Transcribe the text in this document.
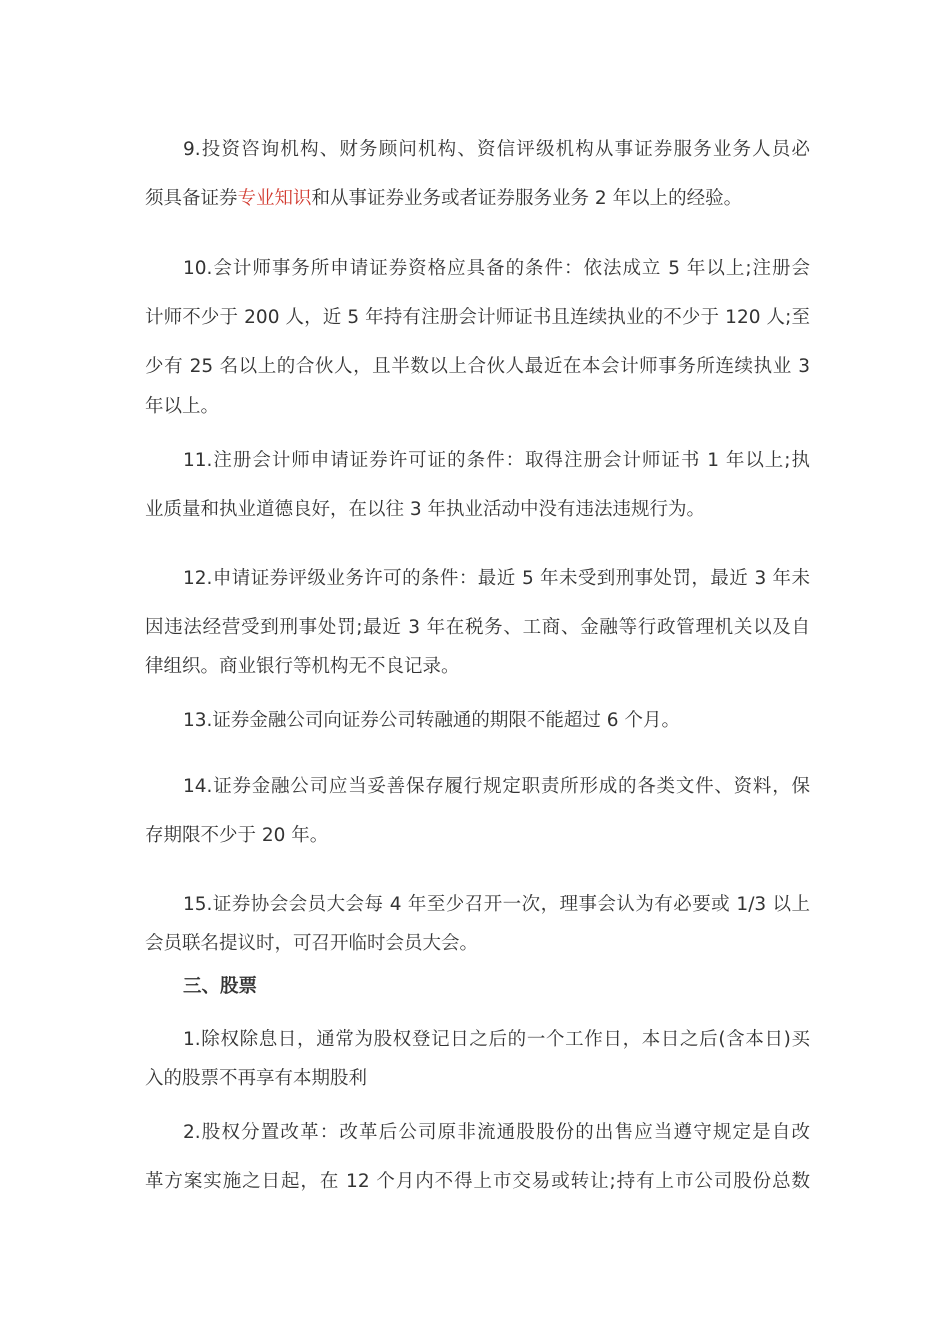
9.投资咨询机构、财务顾问机构、资信评级机构从事证券服务业务人员必
须具备证券专业知识和从事证券业务或者证券服务业务 2 年以上的经验。
10.会计师事务所申请证券资格应具备的条件：依法成立 5 年以上;注册会
计师不少于 200 人，近 5 年持有注册会计师证书且连续执业的不少于 120 人;至
少有 25 名以上的合伙人，且半数以上合伙人最近在本会计师事务所连续执业 3
年以上。
11.注册会计师申请证券许可证的条件：取得注册会计师证书 1 年以上;执
业质量和执业道德良好，在以往 3 年执业活动中没有违法违规行为。
12.申请证券评级业务许可的条件：最近 5 年未受到刑事处罚，最近 3 年未
因违法经营受到刑事处罚;最近 3 年在税务、工商、金融等行政管理机关以及自
律组织。商业银行等机构无不良记录。
13.证券金融公司向证券公司转融通的期限不能超过 6 个月。
14.证券金融公司应当妥善保存履行规定职责所形成的各类文件、资料，保
存期限不少于 20 年。
15.证券协会会员大会每 4 年至少召开一次，理事会认为有必要或 1/3 以上
会员联名提议时，可召开临时会员大会。
三、股票
1.除权除息日，通常为股权登记日之后的一个工作日，本日之后(含本日)买
入的股票不再享有本期股利
2.股权分置改革：改革后公司原非流通股股份的出售应当遵守规定是自改
革方案实施之日起，在 12 个月内不得上市交易或转让;持有上市公司股份总数
